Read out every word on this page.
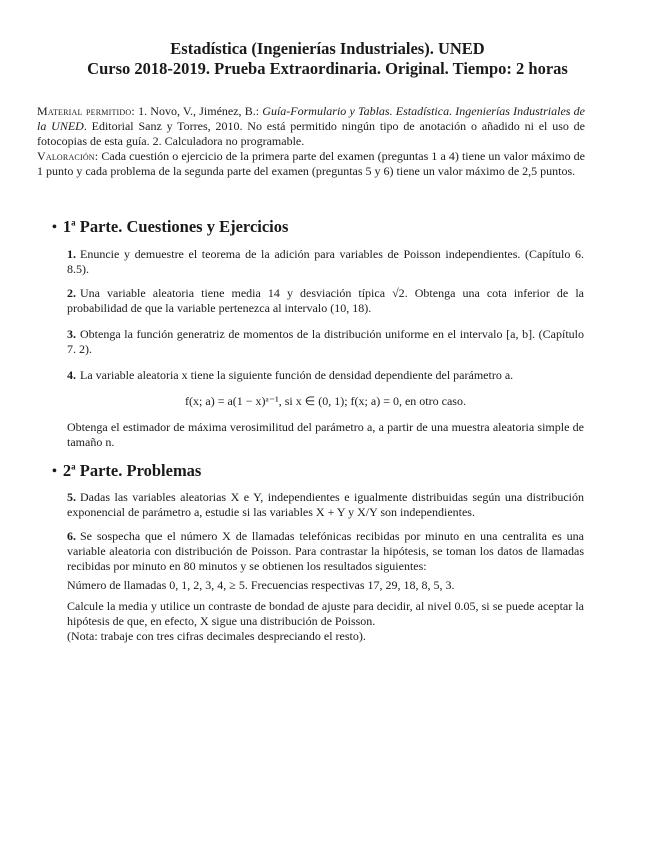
Estadística (Ingenierías Industriales). UNED
Curso 2018-2019. Prueba Extraordinaria. Original. Tiempo: 2 horas
Material permitido: 1. Novo, V., Jiménez, B.: Guía-Formulario y Tablas. Estadística. Ingenierías Industriales de la UNED. Editorial Sanz y Torres, 2010. No está permitido ningún tipo de anotación o añadido ni el uso de fotocopias de esta guía. 2. Calculadora no programable.
Valoración: Cada cuestión o ejercicio de la primera parte del examen (preguntas 1 a 4) tiene un valor máximo de 1 punto y cada problema de la segunda parte del examen (preguntas 5 y 6) tiene un valor máximo de 2,5 puntos.
• 1$^a$ Parte. Cuestiones y Ejercicios
1. Enuncie y demuestre el teorema de la adición para variables de Poisson independientes. (Capítulo 6. 8.5).
2. Una variable aleatoria tiene media 14 y desviación típica √2. Obtenga una cota inferior de la probabilidad de que la variable pertenezca al intervalo (10, 18).
3. Obtenga la función generatriz de momentos de la distribución uniforme en el intervalo [a, b]. (Capítulo 7. 2).
4. La variable aleatoria x tiene la siguiente función de densidad dependiente del parámetro a.
f(x; a) = a(1 − x)ᵃ⁻¹, si x ∈ (0, 1); f(x; a) = 0, en otro caso.
Obtenga el estimador de máxima verosimilitud del parámetro a, a partir de una muestra aleatoria simple de tamaño n.
• 2$^a$ Parte. Problemas
5. Dadas las variables aleatorias X e Y, independientes e igualmente distribuidas según una distribución exponencial de parámetro a, estudie si las variables X + Y y X/Y son independientes.
6. Se sospecha que el número X de llamadas telefónicas recibidas por minuto en una centralita es una variable aleatoria con distribución de Poisson. Para contrastar la hipótesis, se toman los datos de llamadas recibidas por minuto en 80 minutos y se obtienen los resultados siguientes:
Número de llamadas 0, 1, 2, 3, 4, ≥ 5. Frecuencias respectivas 17, 29, 18, 8, 5, 3.
Calcule la media y utilice un contraste de bondad de ajuste para decidir, al nivel 0.05, si se puede aceptar la hipótesis de que, en efecto, X sigue una distribución de Poisson.
(Nota: trabaje con tres cifras decimales despreciando el resto).
